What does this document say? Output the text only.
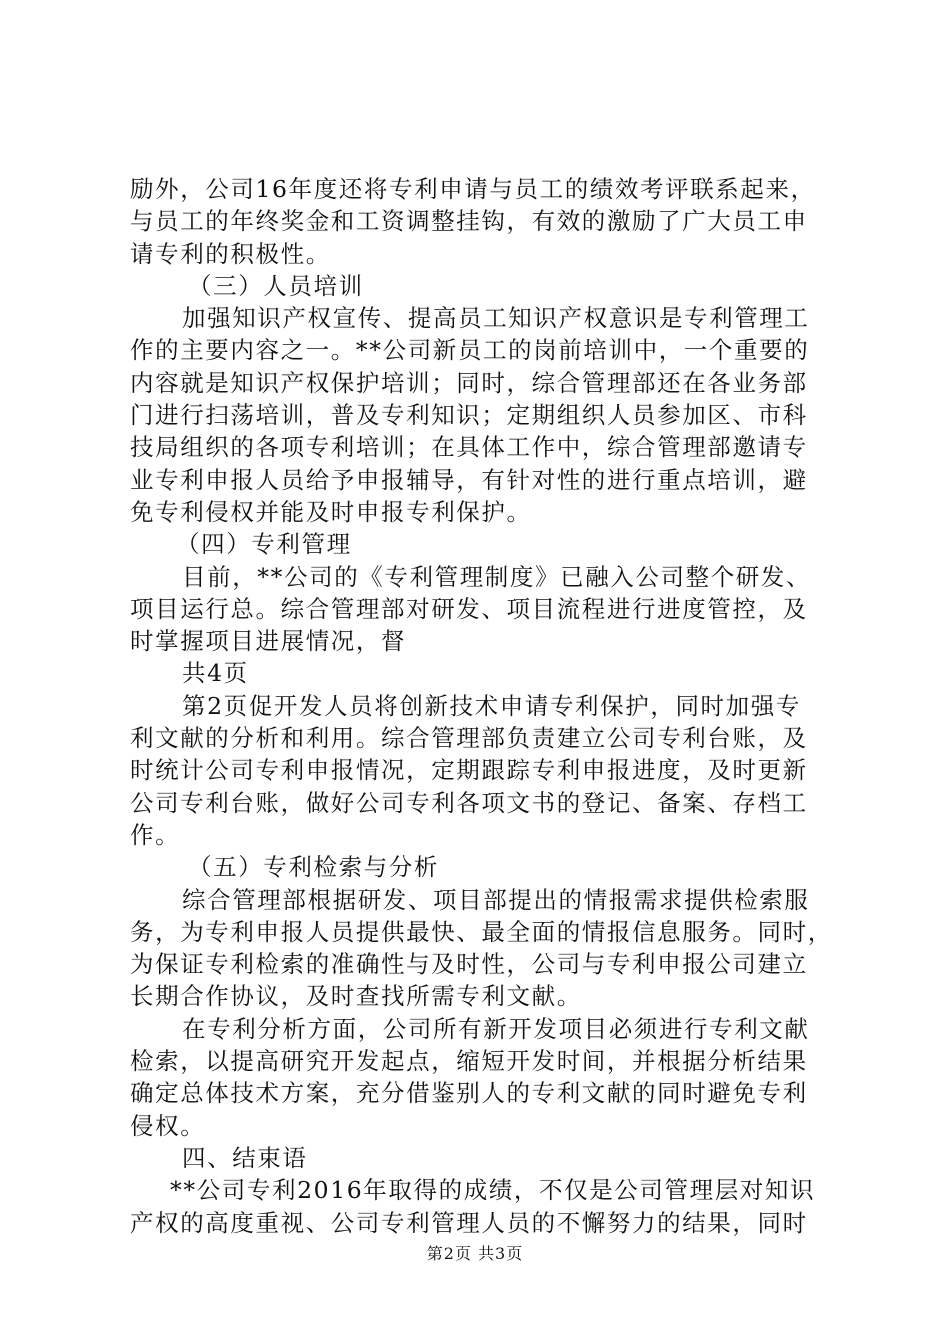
励外，公司16年度还将专利申请与员工的绩效考评联系起来，
与员工的年终奖金和工资调整挂钩，有效的激励了广大员工申
请专利的积极性。
（三）人员培训
加强知识产权宣传、提高员工知识产权意识是专利管理工
作的主要内容之一。**公司新员工的岗前培训中，一个重要的
内容就是知识产权保护培训；同时，综合管理部还在各业务部
门进行扫荡培训，普及专利知识；定期组织人员参加区、市科
技局组织的各项专利培训；在具体工作中，综合管理部邀请专
业专利申报人员给予申报辅导，有针对性的进行重点培训，避
免专利侵权并能及时申报专利保护。
（四）专利管理
目前，**公司的《专利管理制度》已融入公司整个研发、
项目运行总。综合管理部对研发、项目流程进行进度管控，及
时掌握项目进展情况，督
共4页
第2页促开发人员将创新技术申请专利保护，同时加强专
利文献的分析和利用。综合管理部负责建立公司专利台账，及
时统计公司专利申报情况，定期跟踪专利申报进度，及时更新
公司专利台账，做好公司专利各项文书的登记、备案、存档工
作。
（五）专利检索与分析
综合管理部根据研发、项目部提出的情报需求提供检索服
务，为专利申报人员提供最快、最全面的情报信息服务。同时，
为保证专利检索的准确性与及时性，公司与专利申报公司建立
长期合作协议，及时查找所需专利文献。
在专利分析方面，公司所有新开发项目必须进行专利文献
检索，以提高研究开发起点，缩短开发时间，并根据分析结果
确定总体技术方案，充分借鉴别人的专利文献的同时避免专利
侵权。
四、结束语
**公司专利2016年取得的成绩，不仅是公司管理层对知识
产权的高度重视、公司专利管理人员的不懈努力的结果，同时
第2页 共3页
